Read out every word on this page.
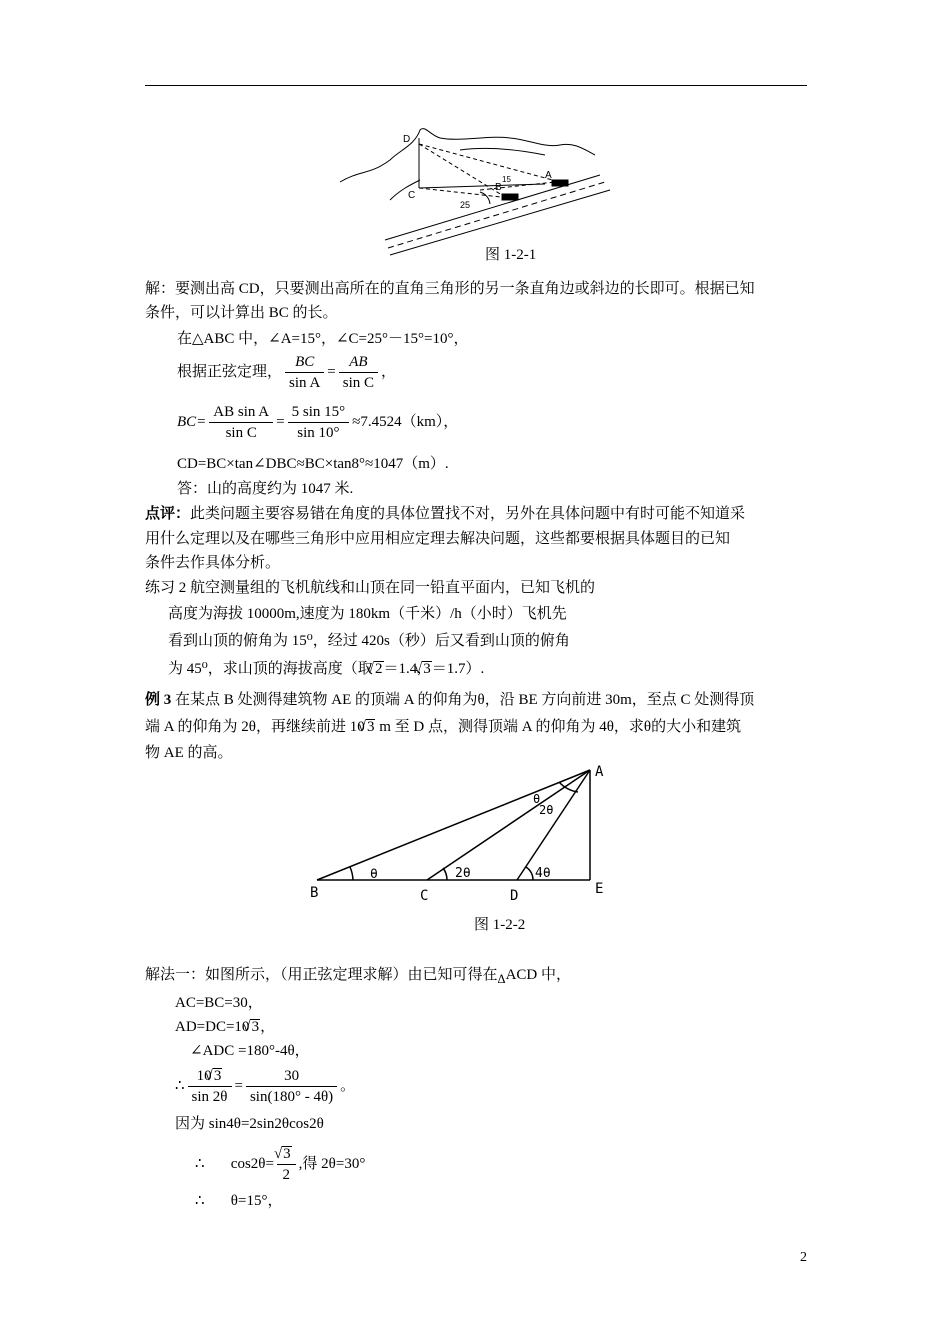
D
C
B
A
25
15
图 1-2-1
解：要测出高 CD，只要测出高所在的直角三角形的另一条直角边或斜边的长即可。根据已知
条件，可以计算出 BC 的长。
在△ABC 中，∠A=15°，∠C=25°－15°=10°，
根据正弦定理， $\frac{BC}{\text{sin A}} = \frac{AB}{\text{sin C}}$ ，
$BC= \frac{\text{AB sin A}}{\text{sin C}} = \frac{5 \sin 15^\circ}{\sin 10^\circ} \approx 7.4524(km)$，
CD=BC×tan∠DBC≈BC×tan8°≈1047（m）.
答：山的高度约为 1047 米.
点评：此类问题主要容易错在角度的具体位置找不对，另外在具体问题中有时可能不知道采
用什么定理以及在哪些三角形中应用相应定理去解决问题，这些都要根据具体题目的已知
条件去作具体分析。
练习 2 航空测量组的飞机航线和山顶在同一铅直平面内，已知飞机的
高度为海拔 10000m,速度为 180km（千米）/h（小时）飞机先
看到山顶的俯角为 15⁰，经过 420s（秒）后又看到山顶的俯角
为 45⁰，求山顶的海拔高度（取 √ 2＝1.4, √ 3＝1.7）.
例 3 在某点 B 处测得建筑物 AE 的顶端 A 的仰角为θ，沿 BE 方向前进 30m，至点 C 处测得顶
端 A 的仰角为 2θ，再继续前进 10 √ 3 m 至 D 点，测得顶端 A 的仰角为 4θ，求θ的大小和建筑
物 AE 的高。
A
B	C	D	E
θ	2θ	4θ
θ
2θ
图 1-2-2
解法一：如图所示，（用正弦定理求解）由已知可得在$_\Delta$ACD 中，
AC=BC=30，
AD=DC=10 √ 3，
∠ADC =180°-4θ，
∴ $\frac{10 √ 3}{\sin 2\theta} = \frac{30}{\sin(180^\circ - 4\theta)}$ 。
因为 sin4θ=2sin2θcos2θ
∴ cos2θ= √ $\frac{3}{2}$ ,得 2θ=30°
∴ θ=15°，
2
